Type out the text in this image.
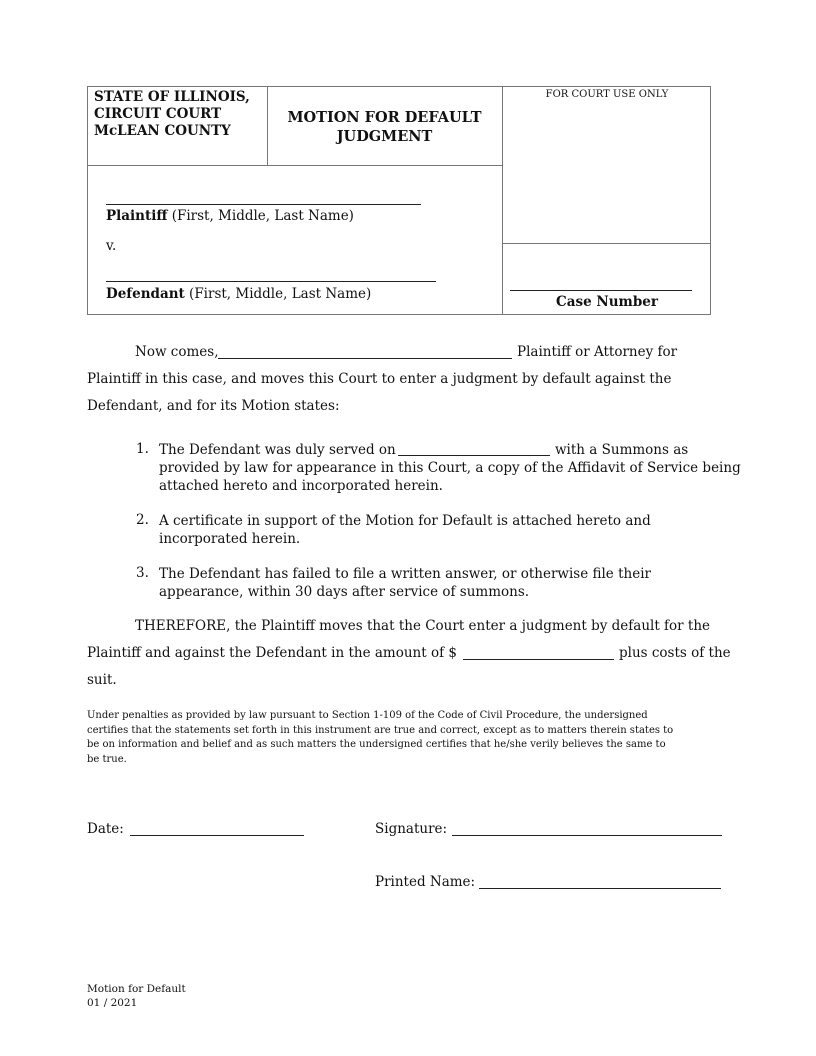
STATE OF ILLINOIS,
CIRCUIT COURT
McLEAN COUNTY
MOTION FOR DEFAULT
JUDGMENT
FOR COURT USE ONLY
Plaintiff (First, Middle, Last Name)
v.
Defendant (First, Middle, Last Name)	Case Number
Now comes,	Plaintiff or Attorney for
Plaintiff in this case, and moves this Court to enter a judgment by default against the
Defendant, and for its Motion states:
1. The Defendant was duly served on	with a Summons as
provided by law for appearance in this Court, a copy of the Affidavit of Service being
attached hereto and incorporated herein.
2. A certificate in support of the Motion for Default is attached hereto and
incorporated herein.
3. The Defendant has failed to file a written answer, or otherwise file their
appearance, within 30 days after service of summons.
THEREFORE, the Plaintiff moves that the Court enter a judgment by default for the
Plaintiff and against the Defendant in the amount of $	plus costs of the
suit.
Under penalties as provided by law pursuant to Section 1-109 of the Code of Civil Procedure, the undersigned
certifies that the statements set forth in this instrument are true and correct, except as to matters therein states to
be on information and belief and as such matters the undersigned certifies that he/she verily believes the same to
be true.
Date:	Signature:
Printed Name:
Motion for Default
01 / 2021
